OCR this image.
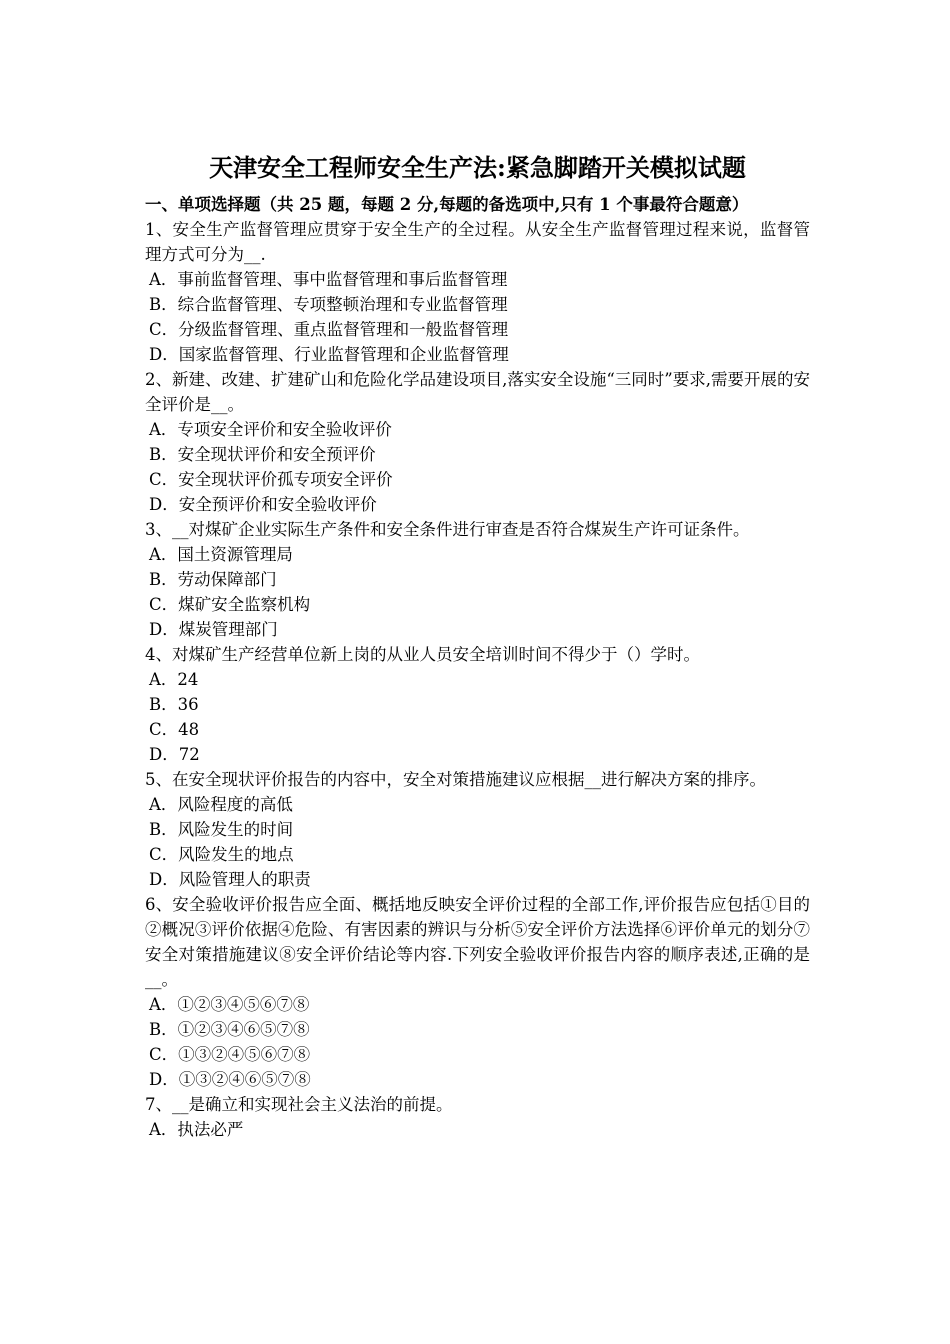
天津安全工程师安全生产法:紧急脚踏开关模拟试题

一、单项选择题（共 25 题，每题 2 分,每题的备选项中,只有 1 个事最符合题意）

1、安全生产监督管理应贯穿于安全生产的全过程。从安全生产监督管理过程来说，监督管理方式可分为__.

A．事前监督管理、事中监督管理和事后监督管理

B．综合监督管理、专项整顿治理和专业监督管理

C．分级监督管理、重点监督管理和一般监督管理

D．国家监督管理、行业监督管理和企业监督管理

2、新建、改建、扩建矿山和危险化学品建设项目,落实安全设施“三同时”要求,需要开展的安全评价是__。

A．专项安全评价和安全验收评价

B．安全现状评价和安全预评价

C．安全现状评价孤专项安全评价

D．安全预评价和安全验收评价

3、__对煤矿企业实际生产条件和安全条件进行审查是否符合煤炭生产许可证条件。

A．国土资源管理局

B．劳动保障部门

C．煤矿安全监察机构

D．煤炭管理部门

4、对煤矿生产经营单位新上岗的从业人员安全培训时间不得少于（）学时。

A．24

B．36

C．48

D．72

5、在安全现状评价报告的内容中，安全对策措施建议应根据__进行解决方案的排序。

A．风险程度的高低

B．风险发生的时间

C．风险发生的地点

D．风险管理人的职责

6、安全验收评价报告应全面、概括地反映安全评价过程的全部工作,评价报告应包括①目的②概况③评价依据④危险、有害因素的辨识与分析⑤安全评价方法选择⑥评价单元的划分⑦安全对策措施建议⑧安全评价结论等内容.下列安全验收评价报告内容的顺序表述,正确的是__。

A．①②③④⑤⑥⑦⑧

B．①②③④⑥⑤⑦⑧

C．①③②④⑤⑥⑦⑧

D．①③②④⑥⑤⑦⑧

7、__是确立和实现社会主义法治的前提。

A．执法必严
